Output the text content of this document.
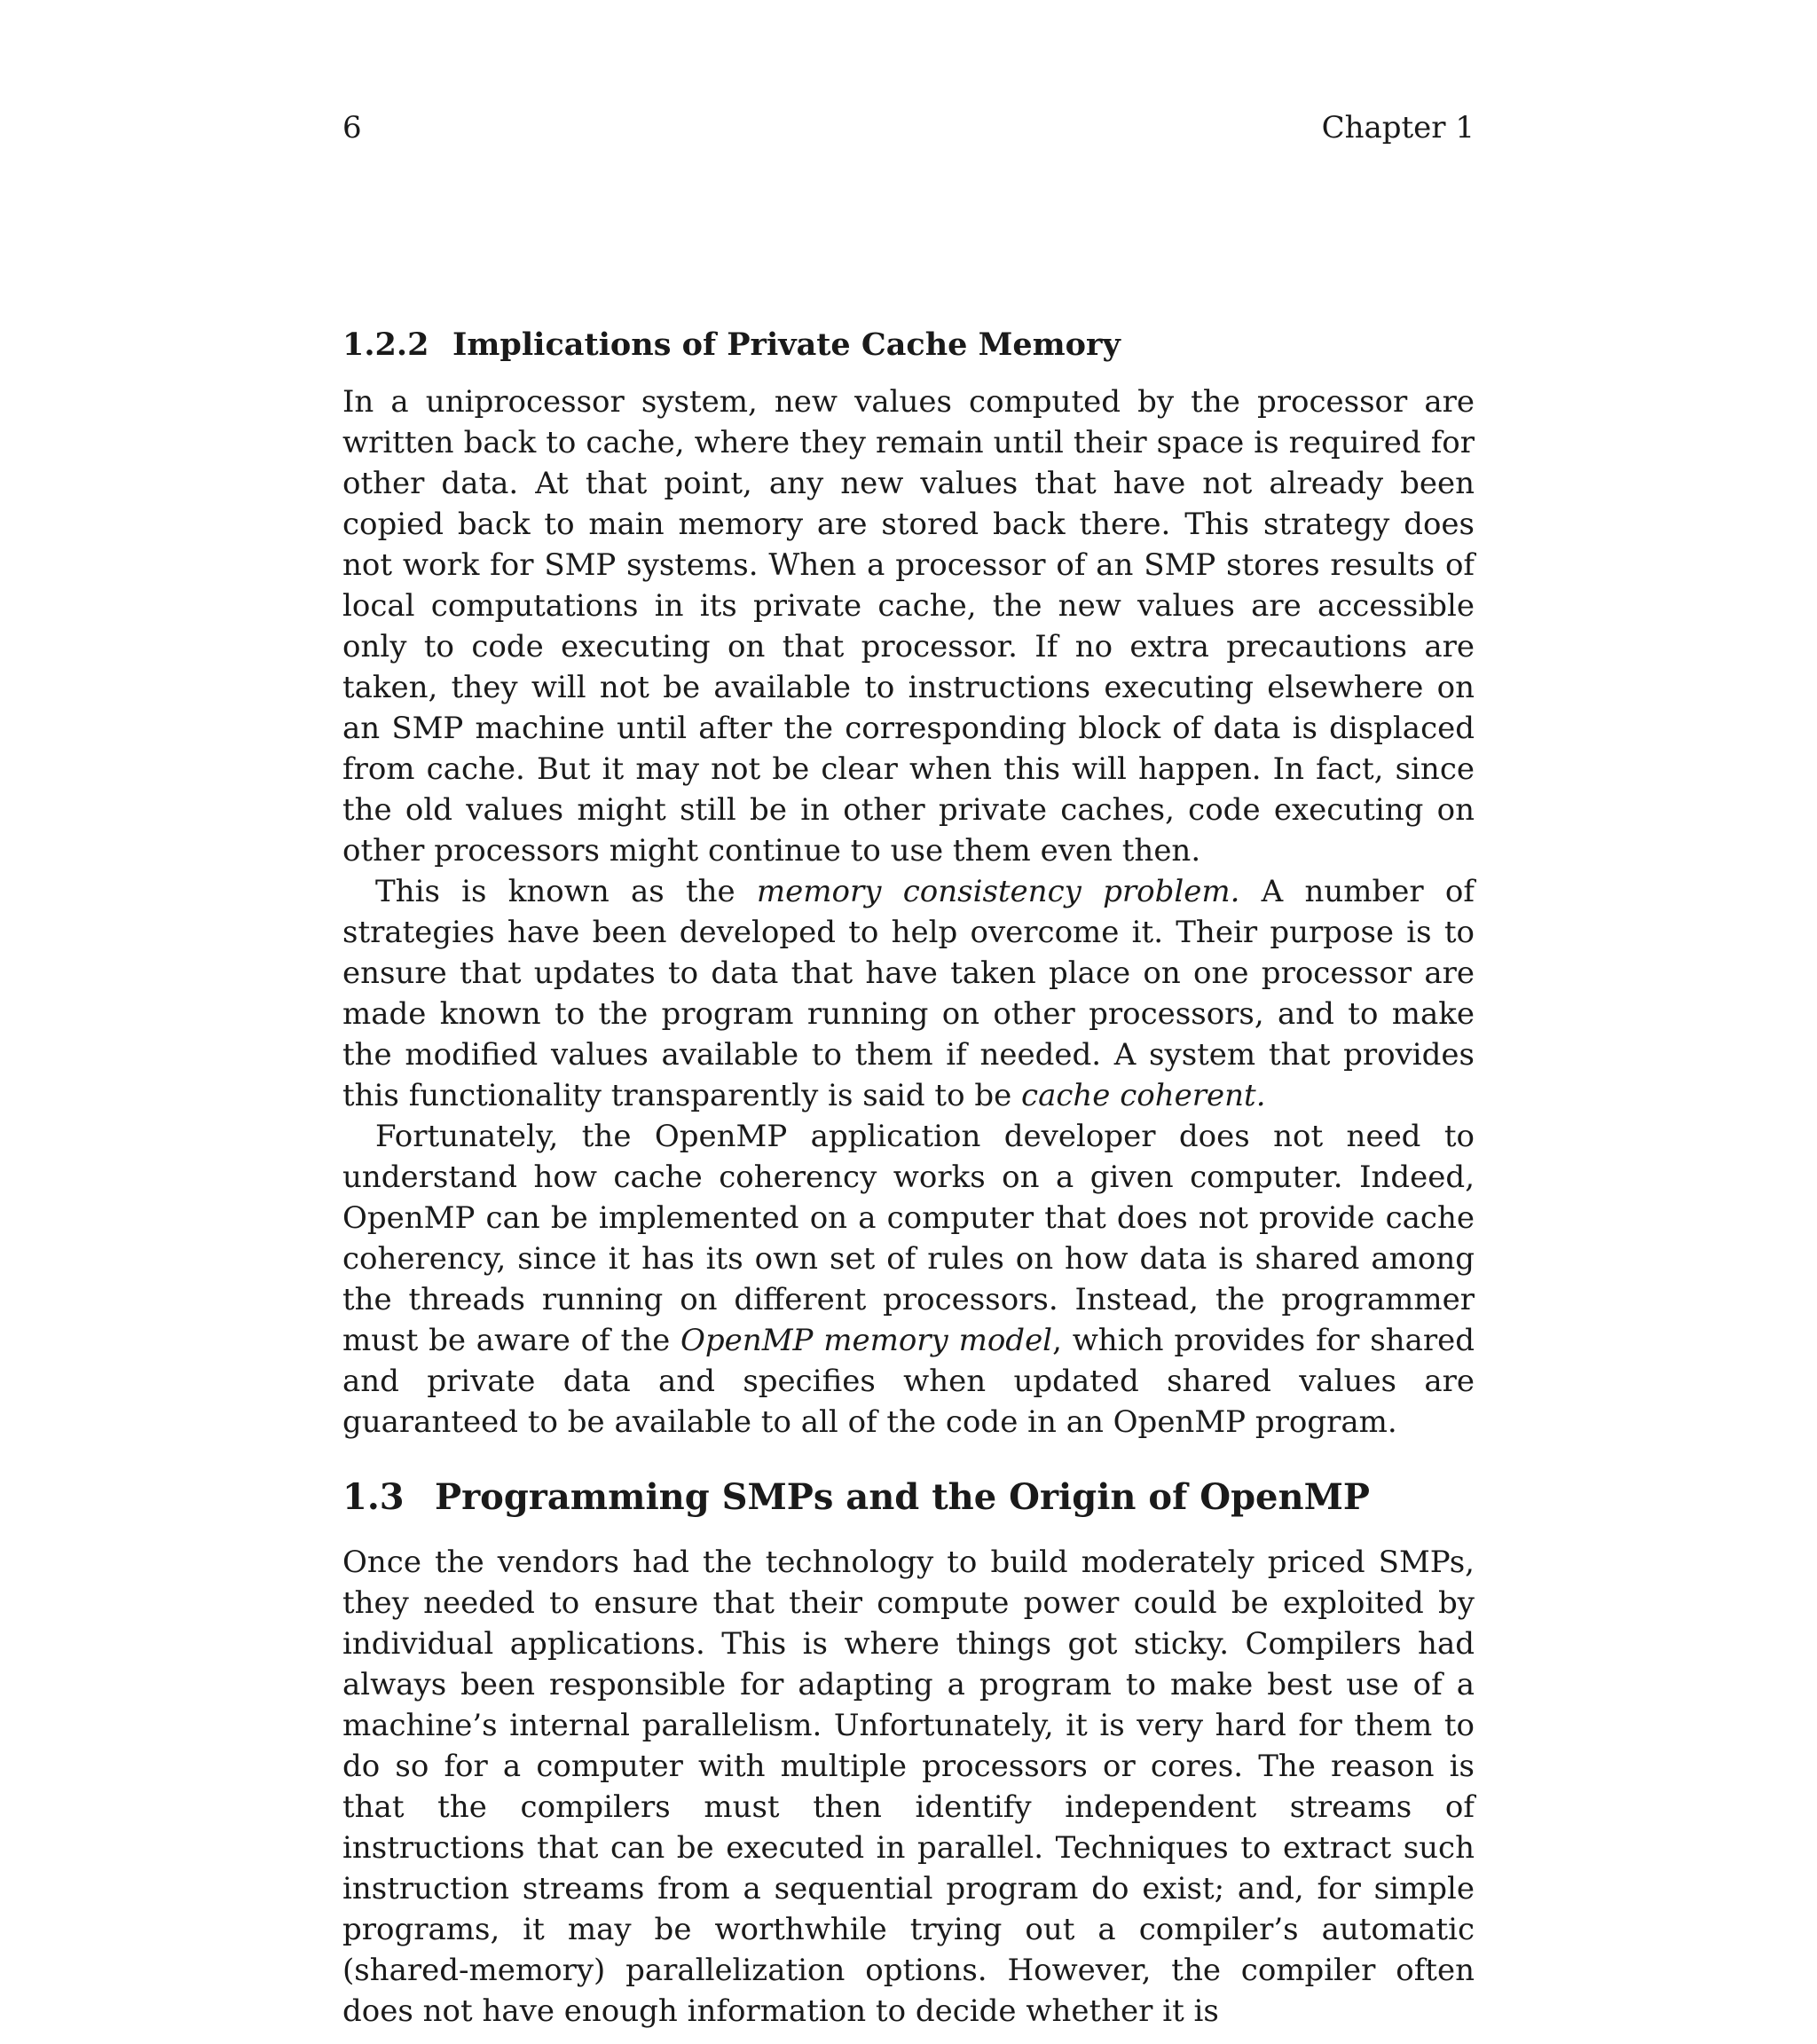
6	Chapter 1
1.2.2 Implications of Private Cache Memory

In a uniprocessor system, new values computed by the processor are written back to cache, where they remain until their space is required for other data. At that point, any new values that have not already been copied back to main memory are stored back there. This strategy does not work for SMP systems. When a processor of an SMP stores results of local computations in its private cache, the new values are accessible only to code executing on that processor. If no extra precautions are taken, they will not be available to instructions executing elsewhere on an SMP machine until after the corresponding block of data is displaced from cache. But it may not be clear when this will happen. In fact, since the old values might still be in other private caches, code executing on other processors might continue to use them even then.

This is known as the memory consistency problem. A number of strategies have been developed to help overcome it. Their purpose is to ensure that updates to data that have taken place on one processor are made known to the program running on other processors, and to make the modified values available to them if needed. A system that provides this functionality transparently is said to be cache coherent.

Fortunately, the OpenMP application developer does not need to understand how cache coherency works on a given computer. Indeed, OpenMP can be implemented on a computer that does not provide cache coherency, since it has its own set of rules on how data is shared among the threads running on different processors. Instead, the programmer must be aware of the OpenMP memory model, which provides for shared and private data and specifies when updated shared values are guaranteed to be available to all of the code in an OpenMP program.

1.3 Programming SMPs and the Origin of OpenMP

Once the vendors had the technology to build moderately priced SMPs, they needed to ensure that their compute power could be exploited by individual applications. This is where things got sticky. Compilers had always been responsible for adapting a program to make best use of a machine’s internal parallelism. Unfortunately, it is very hard for them to do so for a computer with multiple processors or cores. The reason is that the compilers must then identify independent streams of instructions that can be executed in parallel. Techniques to extract such instruction streams from a sequential program do exist; and, for simple programs, it may be worthwhile trying out a compiler’s automatic (shared-memory) parallelization options. However, the compiler often does not have enough information to decide whether it is
